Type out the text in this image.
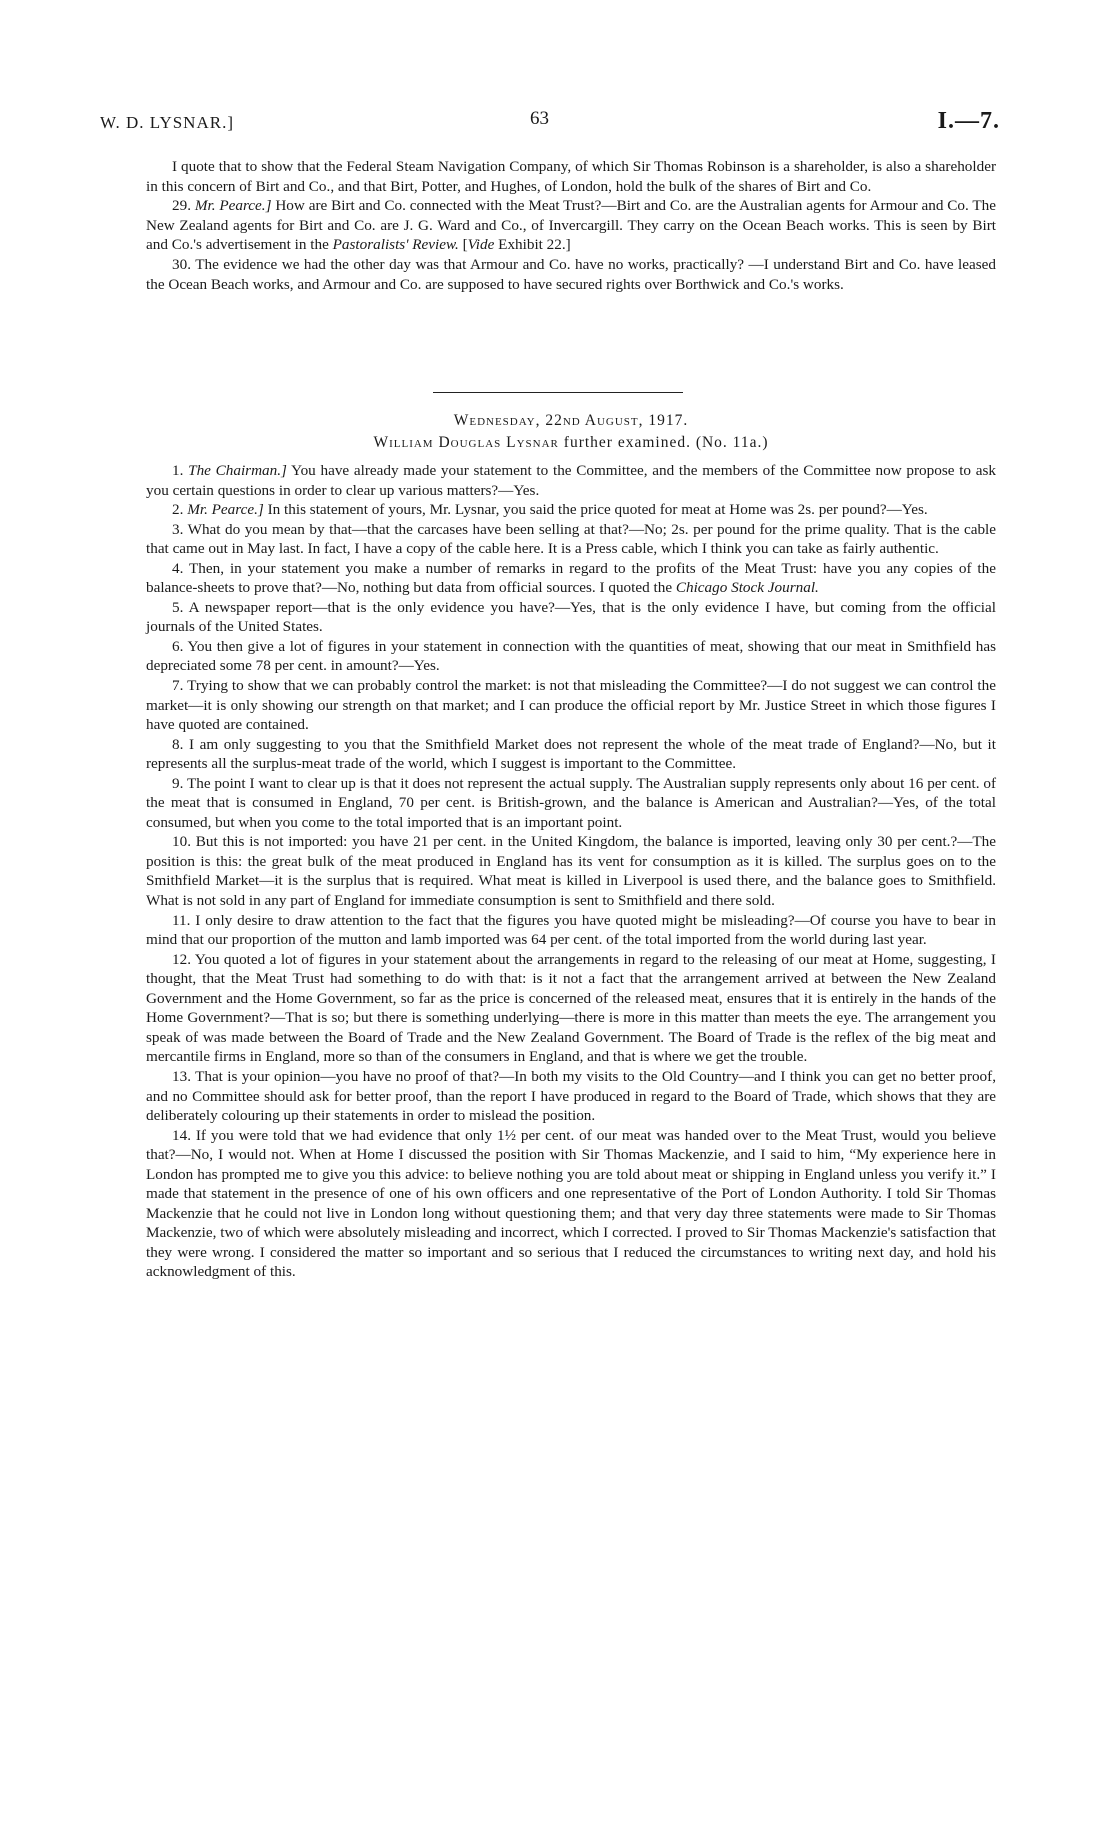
W. D. LYSNAR.]	63	I.—7.

I quote that to show that the Federal Steam Navigation Company, of which Sir Thomas Robinson is a shareholder, is also a shareholder in this concern of Birt and Co., and that Birt, Potter, and Hughes, of London, hold the bulk of the shares of Birt and Co.

29. Mr. Pearce.] How are Birt and Co. connected with the Meat Trust?—Birt and Co. are the Australian agents for Armour and Co. The New Zealand agents for Birt and Co. are J. G. Ward and Co., of Invercargill. They carry on the Ocean Beach works. This is seen by Birt and Co.'s advertisement in the Pastoralists' Review. [Vide Exhibit 22.]

30. The evidence we had the other day was that Armour and Co. have no works, practically? —I understand Birt and Co. have leased the Ocean Beach works, and Armour and Co. are supposed to have secured rights over Borthwick and Co.'s works.

Wednesday, 22nd August, 1917.
William Douglas Lysnar further examined. (No. 11a.)

1. The Chairman.] You have already made your statement to the Committee, and the members of the Committee now propose to ask you certain questions in order to clear up various matters?—Yes.

2. Mr. Pearce.] In this statement of yours, Mr. Lysnar, you said the price quoted for meat at Home was 2s. per pound?—Yes.

3. What do you mean by that—that the carcases have been selling at that?—No; 2s. per pound for the prime quality. That is the cable that came out in May last. In fact, I have a copy of the cable here. It is a Press cable, which I think you can take as fairly authentic.

4. Then, in your statement you make a number of remarks in regard to the profits of the Meat Trust: have you any copies of the balance-sheets to prove that?—No, nothing but data from official sources. I quoted the Chicago Stock Journal.

5. A newspaper report—that is the only evidence you have?—Yes, that is the only evidence I have, but coming from the official journals of the United States.

6. You then give a lot of figures in your statement in connection with the quantities of meat, showing that our meat in Smithfield has depreciated some 78 per cent. in amount?—Yes.

7. Trying to show that we can probably control the market: is not that misleading the Committee?—I do not suggest we can control the market—it is only showing our strength on that market; and I can produce the official report by Mr. Justice Street in which those figures I have quoted are contained.

8. I am only suggesting to you that the Smithfield Market does not represent the whole of the meat trade of England?—No, but it represents all the surplus-meat trade of the world, which I suggest is important to the Committee.

9. The point I want to clear up is that it does not represent the actual supply. The Australian supply represents only about 16 per cent. of the meat that is consumed in England, 70 per cent. is British-grown, and the balance is American and Australian?—Yes, of the total consumed, but when you come to the total imported that is an important point.

10. But this is not imported: you have 21 per cent. in the United Kingdom, the balance is imported, leaving only 30 per cent.?—The position is this: the great bulk of the meat produced in England has its vent for consumption as it is killed. The surplus goes on to the Smithfield Market—it is the surplus that is required. What meat is killed in Liverpool is used there, and the balance goes to Smithfield. What is not sold in any part of England for immediate consumption is sent to Smithfield and there sold.

11. I only desire to draw attention to the fact that the figures you have quoted might be misleading?—Of course you have to bear in mind that our proportion of the mutton and lamb imported was 64 per cent. of the total imported from the world during last year.

12. You quoted a lot of figures in your statement about the arrangements in regard to the releasing of our meat at Home, suggesting, I thought, that the Meat Trust had something to do with that: is it not a fact that the arrangement arrived at between the New Zealand Government and the Home Government, so far as the price is concerned of the released meat, ensures that it is entirely in the hands of the Home Government?—That is so; but there is something underlying—there is more in this matter than meets the eye. The arrangement you speak of was made between the Board of Trade and the New Zealand Government. The Board of Trade is the reflex of the big meat and mercantile firms in England, more so than of the consumers in England, and that is where we get the trouble.

13. That is your opinion—you have no proof of that?—In both my visits to the Old Country—and I think you can get no better proof, and no Committee should ask for better proof, than the report I have produced in regard to the Board of Trade, which shows that they are deliberately colouring up their statements in order to mislead the position.

14. If you were told that we had evidence that only 1½ per cent. of our meat was handed over to the Meat Trust, would you believe that?—No, I would not. When at Home I discussed the position with Sir Thomas Mackenzie, and I said to him, “My experience here in London has prompted me to give you this advice: to believe nothing you are told about meat or shipping in England unless you verify it.” I made that statement in the presence of one of his own officers and one representative of the Port of London Authority. I told Sir Thomas Mackenzie that he could not live in London long without questioning them; and that very day three statements were made to Sir Thomas Mackenzie, two of which were absolutely misleading and incorrect, which I corrected. I proved to Sir Thomas Mackenzie's satisfaction that they were wrong. I considered the matter so important and so serious that I reduced the circumstances to writing next day, and hold his acknowledgment of this.
